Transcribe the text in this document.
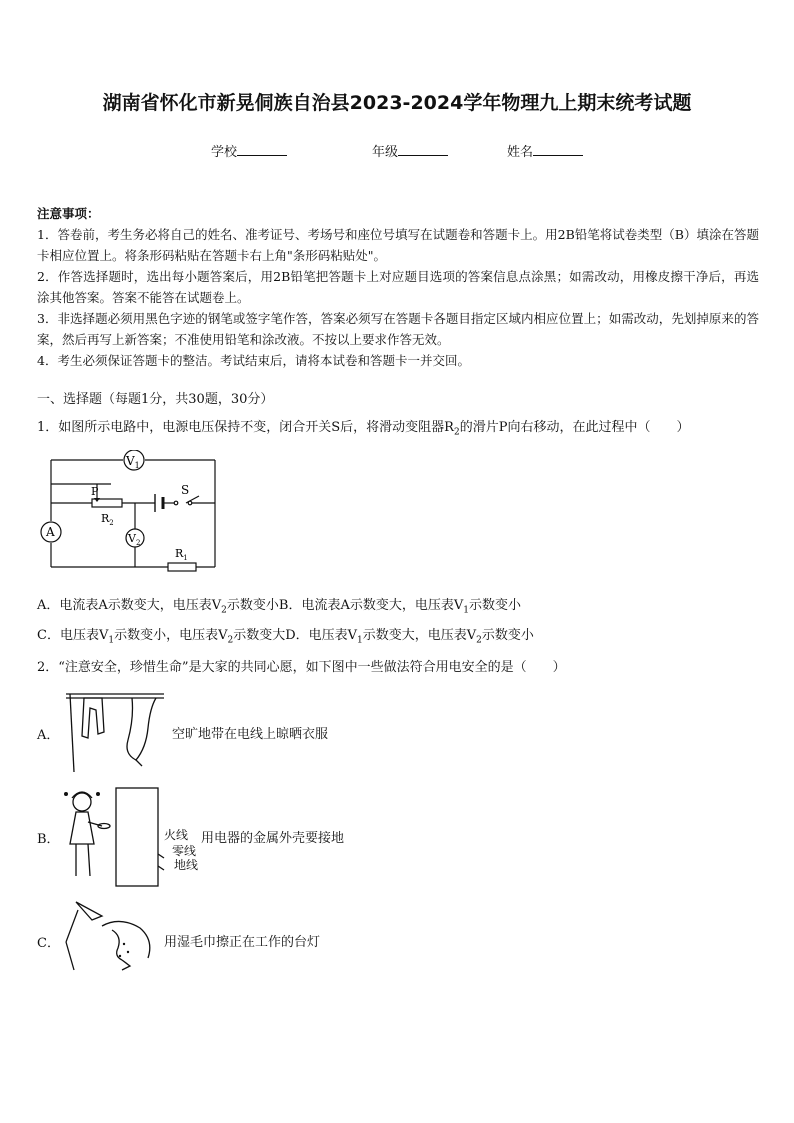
湖南省怀化市新晃侗族自治县2023-2024学年物理九上期末统考试题
学校	年级	姓名

注意事项：

1．答卷前，考生务必将自己的姓名、准考证号、考场号和座位号填写在试题卷和答题卡上。用2B铅笔将试卷类型（B）填涂在答题卡相应位置上。将条形码粘贴在答题卡右上角"条形码粘贴处"。

2．作答选择题时，选出每小题答案后，用2B铅笔把答题卡上对应题目选项的答案信息点涂黑；如需改动，用橡皮擦干净后，再选涂其他答案。答案不能答在试题卷上。

3．非选择题必须用黑色字迹的钢笔或签字笔作答，答案必须写在答题卡各题目指定区域内相应位置上；如需改动，先划掉原来的答案，然后再写上新答案；不准使用铅笔和涂改液。不按以上要求作答无效。

4．考生必须保证答题卡的整洁。考试结束后，请将本试卷和答题卡一并交回。

一、选择题（每题1分，共30题，30分）
1．如图所示电路中，电源电压保持不变，闭合开关S后，将滑动变阻器$R_2$的滑片P向右移动，在此过程中（　　）
$V_1$
A	$V_2$
P
$R_2$
$R_1$
S
A．电流表A示数变大，电压表$V_2$示数变小B．电流表A示数变大，电压表$V_1$示数变小
C．电压表$V_1$示数变小，电压表$V_2$示数变大D．电压表$V_1$示数变大，电压表$V_2$示数变小
2．“注意安全，珍惜生命”是大家的共同心愿，如下图中一些做法符合用电安全的是（　　）
A．	空旷地带在电线上晾晒衣服
B．	火线
零线
地线
用电器的金属外壳要接地
C．	用湿毛巾擦正在工作的台灯
